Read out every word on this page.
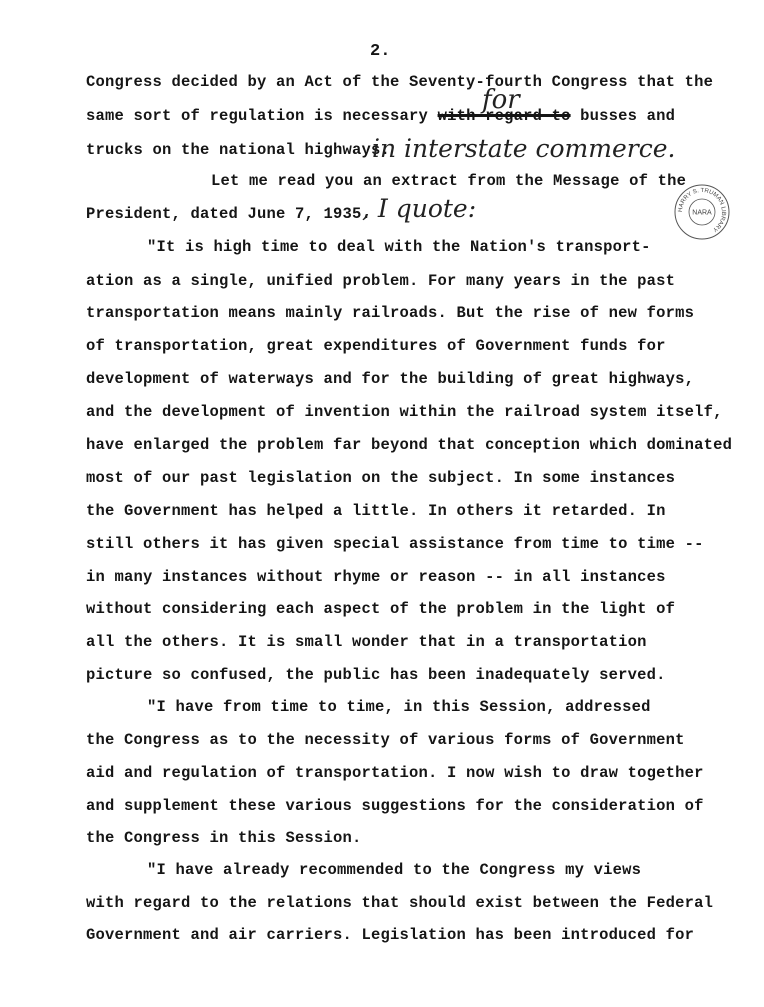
2.
Congress decided by an Act of the Seventy-fourth Congress that the
same sort of regulation is necessary with regard to busses and
for
trucks on the national highways.
in interstate commerce.
Let me read you an extract from the Message of the
President, dated June 7, 1935.
, I quote:
"It is high time to deal with the Nation's transport-
ation as a single, unified problem. For many years in the past
transportation means mainly railroads. But the rise of new forms
of transportation, great expenditures of Government funds for
development of waterways and for the building of great highways,
and the development of invention within the railroad system itself,
have enlarged the problem far beyond that conception which dominated
most of our past legislation on the subject. In some instances
the Government has helped a little. In others it retarded. In
still others it has given special assistance from time to time --
in many instances without rhyme or reason -- in all instances
without considering each aspect of the problem in the light of
all the others. It is small wonder that in a transportation
picture so confused, the public has been inadequately served.
"I have from time to time, in this Session, addressed
the Congress as to the necessity of various forms of Government
aid and regulation of transportation. I now wish to draw together
and supplement these various suggestions for the consideration of
the Congress in this Session.
"I have already recommended to the Congress my views
with regard to the relations that should exist between the Federal
Government and air carriers. Legislation has been introduced for
HARRY S. TRUMAN LIBRARY
NARA
